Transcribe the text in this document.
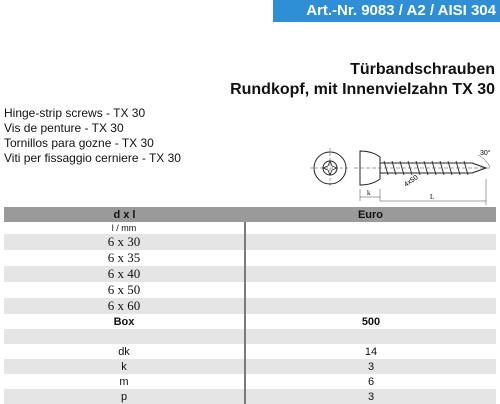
Art.-Nr. 9083 / A2 / AISI 304
Türbandschrauben
Rundkopf, mit Innenvielzahn TX 30
Hinge-strip screws - TX 30
Vis de penture - TX 30
Tornillos para gozne - TX 30
Viti per fissaggio cerniere - TX 30
4x50
k	L
30°
d x l	Euro
l / mm	
6 x 30	
6 x 35	
6 x 40	
6 x 50	
6 x 60	
Box	500

dk	14
k	3
m	6
p	3
